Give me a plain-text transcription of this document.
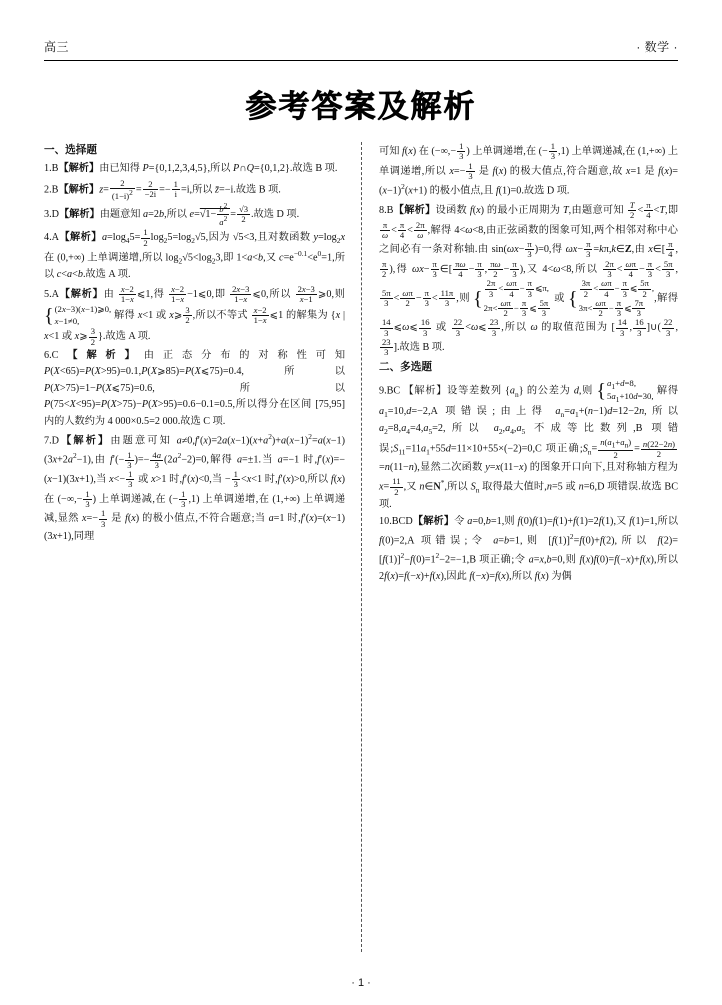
高三	· 数学 ·
参考答案及解析
一、选择题

1.B【解析】由已知得 P={0,1,2,3,4,5},所以 P∩Q={0,1,2}.故选 B 项.

2.B【解析】$z= \frac{2}{(1-i)2} = \frac{2}{-2i} =- \frac{1}{i} =i$,所以 z̄=−i.故选 B 项.

3.D【解析】由题意知 a=2b,所以 $e=√1- \frac{b2}{a2} = \frac{√3}{2}$ .故选 D 项.

4.A【解析】$a=\log_45= \frac{1}{2} \log_25=\log_2√5$,因为 √5<3,且对数函数 $y=\log_2x$ 在 (0,+∞) 上单调递增,所以 $\log_2√5<\log_23$,即 1<a<b,又 $c=e^{-0.1}<e^0=1$,所以 c<a<b.故选 A 项.

5.A【解析】由 $\frac{x-2}{1-x}$ ⩽1,得 $\frac{x-2}{1-x}$ −1⩽0,即 $\frac{2x-3}{1-x}$ ⩽0,所以 $\frac{2x-3}{x-1}$ ⩾0,则
{ (2x−3)(x−1)⩾0,
x−1≠0,	解得 x<1 或 x⩾ $\frac{3}{2}$ ,所以不等式 $\frac{x-2}{1-x}$ ⩽1 的解集为 {x | x<1 或 x⩾ $\frac{3}{2}$ }.故选 A 项.

6.C【解析】由正态分布的对称性可知 P(X<65)=P(X>95)=0.1,P(X⩾85)=P(X⩽75)=0.4,所以 P(X>75)=1−P(X⩽75)=0.6,所以 P(75<X<95)=P(X>75)−P(X>95)=0.6−0.1=0.5,所以得分在区间 [75,95] 内的人数约为 4 000×0.5=2 000.故选 C 项.

7.D【解析】由题意可知 $a\ne 0,f'(x)=2a(x-1)(x+a^2)+a(x-1)^2=a(x-1)(3x+2a^2-1)$,由 $f'(- \frac{1}{3}$ )=− $\frac{4a}{3} (2a^2-2)=0$,解得 a=±1.当 a=−1 时,f′(x)=−(x−1)(3x+1),当 $x<- \frac{1}{3}$ 或 x>1 时,f′(x)<0,当 − $\frac{1}{3} <x<1$ 时,f′(x)>0,所以 f(x) 在 (−∞,− $\frac{1}{3}$ ) 上单调递减,在 (− $\frac{1}{3} ,1$) 上单调递增,在 (1,+∞) 上单调递减,显然 $x=- \frac{1}{3}$ 是 f(x) 的极小值点,不符合题意;当 a=1 时,f′(x)=(x−1)(3x+1),同理

可知 f(x) 在 (−∞,− $\frac{1}{3}$ ) 上单调递增,在 (− $\frac{1}{3} ,1$) 上单调递减,在 (1,+∞) 上单调递增,所以 $x=- \frac{1}{3}$ 是 f(x) 的极大值点,符合题意,故 x=1 是 $f(x)=(x-1)^2(x+1)$ 的极小值点,且 f(1)=0.故选 D 项.

8.B【解析】设函数 f(x) 的最小正周期为 T,由题意可知 $\frac{T}{2} < \frac{\pi}{4} <T$,即
$\frac{\pi}{\omega} < \frac{\pi}{4} < \frac{2\pi}{\omega}$ ,解得 4<ω<8,由正弦函数的图象可知,两个相邻对称中心之间必有一条对称轴.由 $\sin(\omega x- \frac{\pi}{3} )=0$,得 $\omega x- \frac{\pi}{3}$ =kπ,k∈Z,由 x∈[ $\frac{\pi}{4}$ ,
$\frac{\pi}{2}$ ),得 $\omega x- \frac{\pi}{3}$ ∈[ $\frac{\pi\omega}{4} - \frac{\pi}{3}$ , $\frac{\pi\omega}{2} - \frac{\pi}{3}$ ),又 4<ω<8,所以 $\frac{2\pi}{3} < \frac{\omega\pi}{4} - \frac{\pi}{3} < \frac{5\pi}{3}$ ,
$\frac{5\pi}{3} < \frac{\omega\pi}{2} - \frac{\pi}{3} < \frac{11\pi}{3}$ ,则 { $\frac{2\pi}{3} < \frac{\omega\pi}{4} - \frac{\pi}{3}$ ⩽π,
$2\pi< \frac{\omega\pi}{2} - \frac{\pi}{3}$ ⩽ $\frac{5\pi}{3}$
或 { $\frac{3\pi}{2} < \frac{\omega\pi}{4} - \frac{\pi}{3}$ ⩽ $\frac{5\pi}{2}$ ,
$3\pi< \frac{\omega\pi}{2} - \frac{\pi}{3}$ ⩽ $\frac{7\pi}{3}$
,解得
$\frac{14}{3}$ ⩽ω⩽ $\frac{16}{3}$ 或 $\frac{22}{3}$ <ω⩽ $\frac{23}{3}$ ,所以 ω 的取值范围为 [ $\frac{14}{3}$ , $\frac{16}{3}$ ]∪( $\frac{22}{3}$ ,
$\frac{23}{3}$ ].故选 B 项.

二、多选题

9.BC 【解析】设等差数列 $\{a_n\}$ 的公差为 d,则 { $a_1+d=8$,
$5a_1+10d=30$, 解得 $a_1=10,d=-2,A$ 项错误;由上得 $a_n=a_1+(n-1)d=12-2n$,所以 $a_2=8,a_4=4,a_5=2$,所以 $a_2,a_4,a_5$ 不成等比数列,B 项错误$;S_{11}=11a_1+55d=11\times 10+55\times(-2)=0,C$ 项正确$;S_n= \frac{n(a1+an)}{2} = \frac{n(22-2n)}{2}$
=n(11−n),显然二次函数 y=x(11−x) 的图象开口向下,且对称轴方程为 $x= \frac{11}{2}$ ,又 n∈N*,所以 $S_n$ 取得最大值时,n=5 或 n=6,D 项错误.故选 BC 项.

10.BCD【解析】令 a=0,b=1,则 f(0)f(1)=f(1)+f(1)=2f(1),又 f(1)=1,所以 f(0)=2,A 项错误;令 a=b=1,则 $[f(1)]^2=f(0)+f(2)$,所以 $f(2)=[f(1)]^2-f(0)=1^2-2=-1,B$ 项正确;令 a=x,b=0,则 f(x)f(0)=f(−x)+f(x),所以 2f(x)=f(−x)+f(x),因此 f(−x)=f(x),所以 f(x) 为偶

· 1 ·
